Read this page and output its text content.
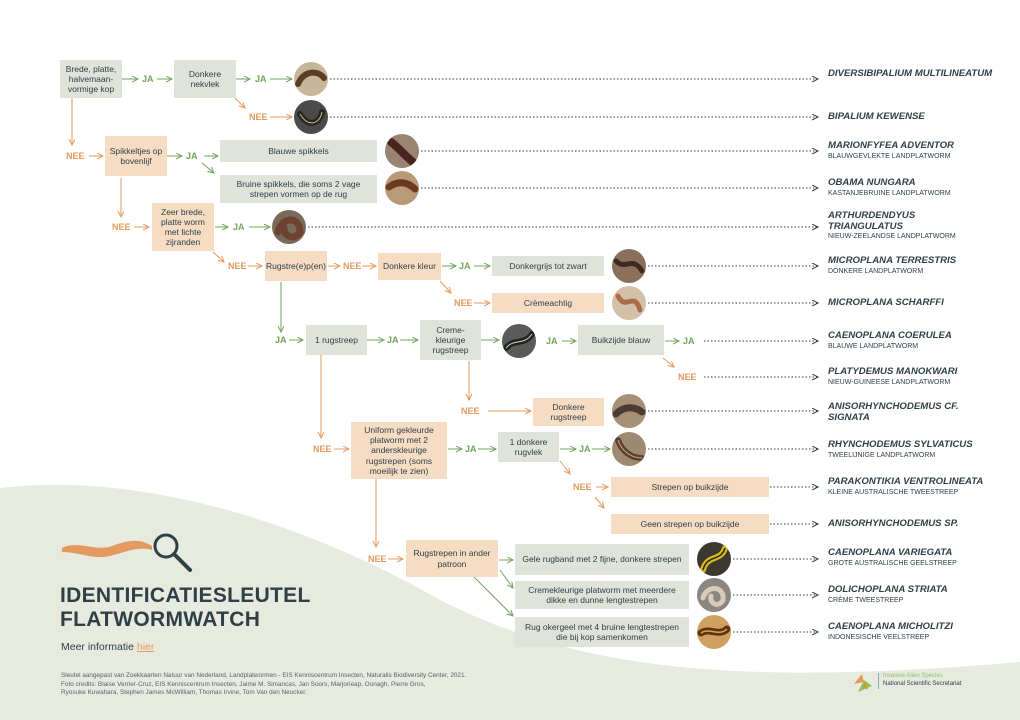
JA	JA
NEE
NEE	JA
NEE	JA
NEE	NEE	JA
NEE
JA	JA	JA	JA
NEE
NEE
NEE	JA	JA
NEE
NEE
Brede, platte, halvemaan-vormige kop
Donkere nekvlek
Spikkeltjes op bovenlijf
Blauwe spikkels
Bruine spikkels, die soms 2 vage strepen vormen op de rug
Zeer brede, platte worm met lichte zijranden
Rugstre(e)p(en)	Donkere kleur	Donkergrijs tot zwart
Crèmeachtig
1 rugstreep
Creme-kleurige rugstreep
Buikzijde blauw
Donkere rugstreep
Uniform gekleurde platworm met 2 anderskleurige rugstrepen (soms moeilijk te zien)
1 donkere rugvlek
Strepen op buikzijde
Geen strepen op buikzijde
Rugstrepen in ander patroon	Gele rugband met 2 fijne, donkere strepen
Cremekleurige platworm met meerdere dikke en dunne lengtestrepen
Rug okergeel met 4 bruine lengtestrepen die bij kop samenkomen
DIVERSIBIPALIUM MULTILINEATUM
BIPALIUM KEWENSE
MARIONFYFEA ADVENTOR
BLAUWGEVLEKTE LANDPLATWORM
OBAMA NUNGARA
KASTANJEBRUINE LANDPLATWORM
ARTHURDENDYUS TRIANGULATUS
NIEUW-ZEELANDSE LANDPLATWORM
MICROPLANA TERRESTRIS
DONKERE LANDPLATWORM
MICROPLANA SCHARFFI
CAENOPLANA COERULEA
BLAUWE LANDPLATWORM
PLATYDEMUS MANOKWARI
NIEUW-GUINEESE LANDPLATWORM
ANISORHYNCHODEMUS CF. SIGNATA
RHYNCHODEMUS SYLVATICUS
TWEELIJNIGE LANDPLATWORM
PARAKONTIKIA VENTROLINEATA
KLEINE AUSTRALISCHE TWEESTREEP
ANISORHYNCHODEMUS SP.
CAENOPLANA VARIEGATA
GROTE AUSTRALISCHE GEELSTREEP
DOLICHOPLANA STRIATA
CRÈME TWEESTREEP
CAENOPLANA MICHOLITZI
INDONESISCHE VEELSTREEP
IDENTIFICATIESLEUTEL
FLATWORMWATCH
Meer informatie hier
Sleutel aangepast van Zoekkaarten Natuur van Nederland, Landplatwormen - EIS Kenniscentrum Insecten, Naturalis Biodiversity Center, 2021.
Foto credits: Blaise Verrier-Cruz, EIS Kenniscentrum Insecten, Jaime M. Simancas, Jan Soors, Marjorieap, Oonagh, Pierre Gros,
Ryosuke Kuwahara, Stephen James McWilliam, Thomas Irvine, Tom Van den Neucker.
Invasive Alien Species
National Scientific Secretariat
